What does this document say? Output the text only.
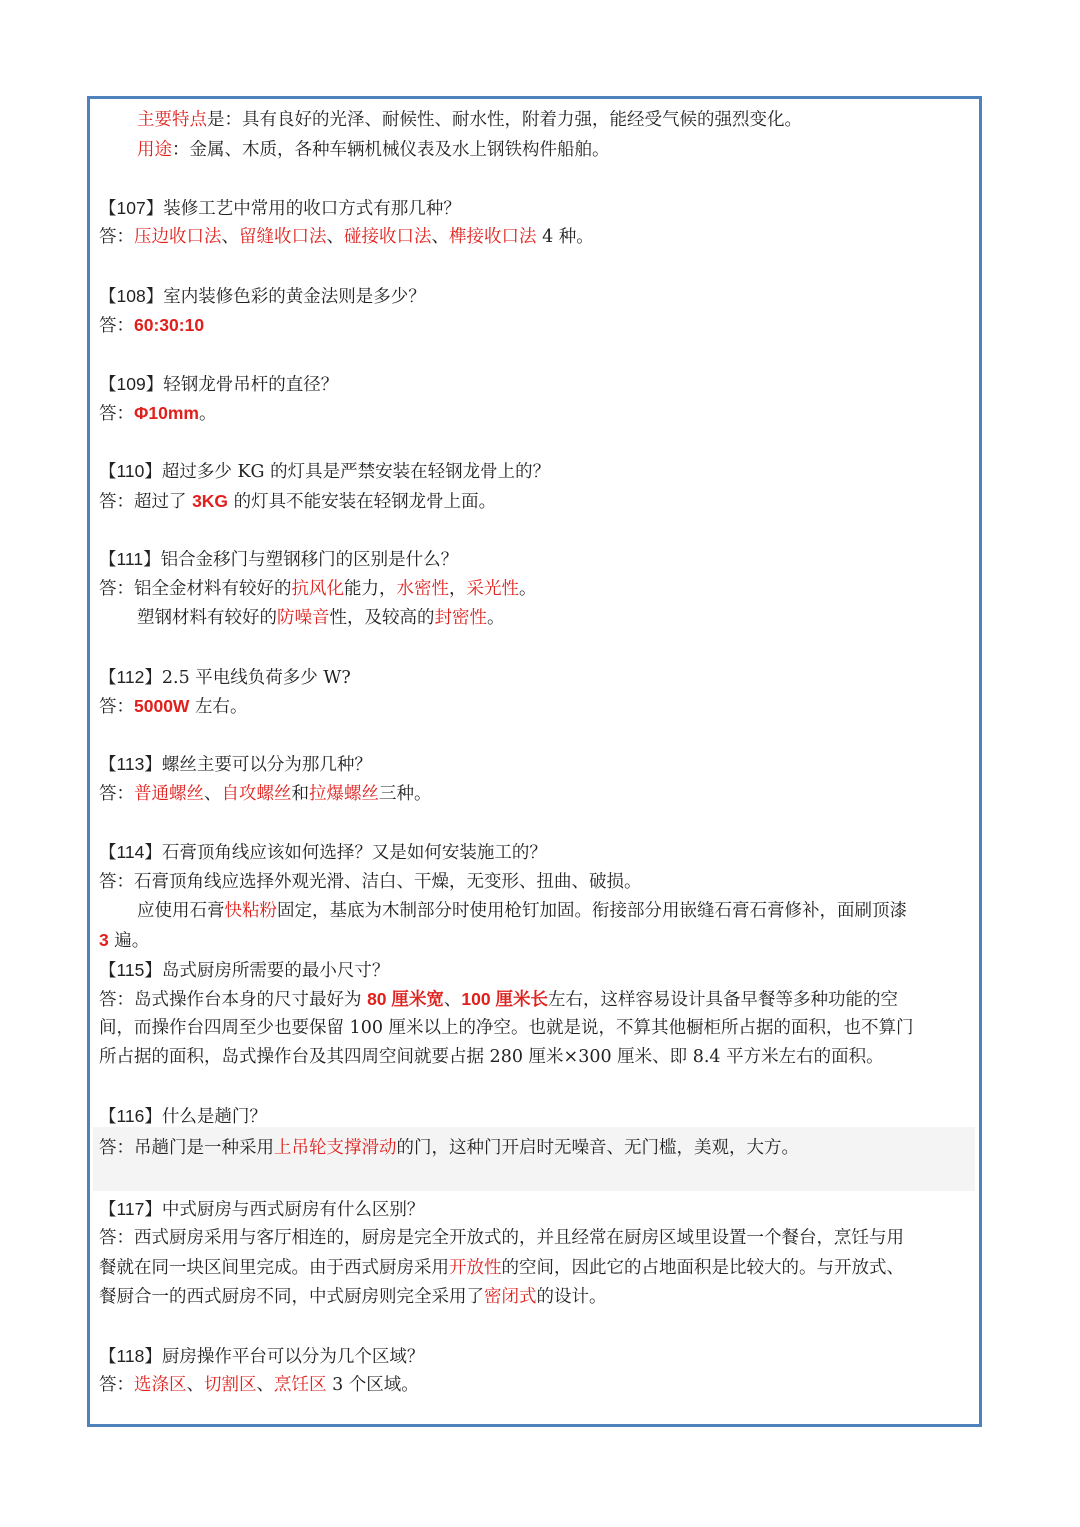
主要特点是：具有良好的光泽、耐候性、耐水性，附着力强，能经受气候的强烈变化。
用途：金属、木质，各种车辆机械仪表及水上钢铁构件船舶。
【107】装修工艺中常用的收口方式有那几种？
答：压边收口法、留缝收口法、碰接收口法、榫接收口法 4 种。
【108】室内装修色彩的黄金法则是多少？
答：60:30:10
【109】轻钢龙骨吊杆的直径？
答：Φ10mm。
【110】超过多少 KG 的灯具是严禁安装在轻钢龙骨上的？
答：超过了 3KG 的灯具不能安装在轻钢龙骨上面。
【111】铝合金移门与塑钢移门的区别是什么？
答：铝全金材料有较好的抗风化能力，水密性，采光性。
塑钢材料有较好的防噪音性，及较高的封密性。
【112】2.5 平电线负荷多少 W?
答：5000W 左右。
【113】螺丝主要可以分为那几种？
答：普通螺丝、自攻螺丝和拉爆螺丝三种。
【114】石膏顶角线应该如何选择？又是如何安装施工的？
答：石膏顶角线应选择外观光滑、洁白、干燥，无变形、扭曲、破损。
应使用石膏快粘粉固定，基底为木制部分时使用枪钉加固。衔接部分用嵌缝石膏石膏修补，面刷顶漆
3 遍。
【115】岛式厨房所需要的最小尺寸？
答：岛式操作台本身的尺寸最好为 80 厘米宽、100 厘米长左右，这样容易设计具备早餐等多种功能的空
间，而操作台四周至少也要保留 100 厘米以上的净空。也就是说，不算其他橱柜所占据的面积，也不算门
所占据的面积，岛式操作台及其四周空间就要占据 280 厘米×300 厘米、即 8.4 平方米左右的面积。
【116】什么是趟门？
答：吊趟门是一种采用上吊轮支撑滑动的门，这种门开启时无噪音、无门槛，美观，大方。
【117】中式厨房与西式厨房有什么区别？
答：西式厨房采用与客厅相连的，厨房是完全开放式的，并且经常在厨房区域里设置一个餐台，烹饪与用
餐就在同一块区间里完成。由于西式厨房采用开放性的空间，因此它的占地面积是比较大的。与开放式、
餐厨合一的西式厨房不同，中式厨房则完全采用了密闭式的设计。
【118】厨房操作平台可以分为几个区域？
答：选涤区、切割区、烹饪区 3 个区域。
